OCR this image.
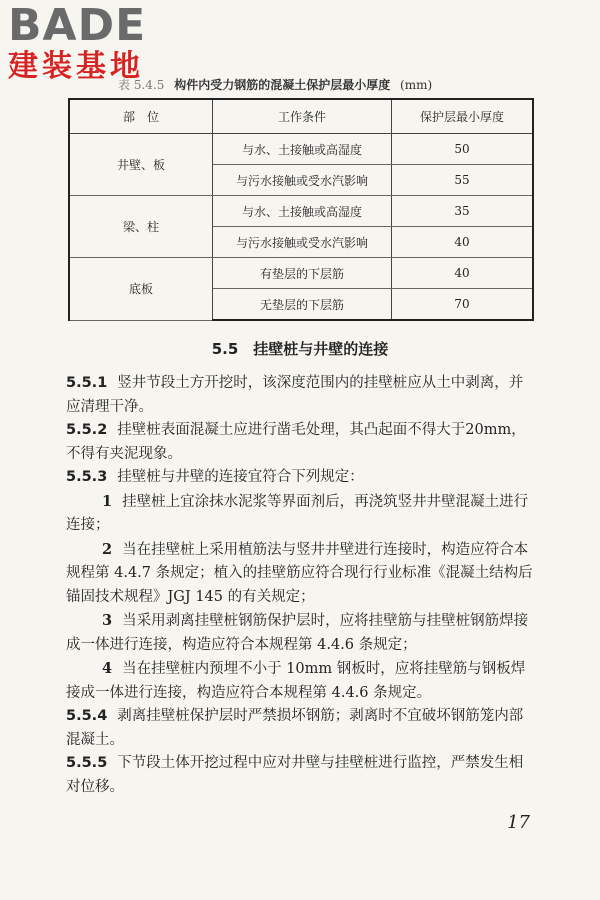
BADE
建装基地
表 5.4.5 构件内受力钢筋的混凝土保护层最小厚度 (mm)
部　位	工作条件	保护层最小厚度
井壁、板	与水、土接触或高湿度	50
	与污水接触或受水汽影响	55
梁、柱	与水、土接触或高湿度	35
	与污水接触或受水汽影响	40
底板	有垫层的下层筋	40
	无垫层的下层筋	70
5.5　挂壁桩与井壁的连接

5.5.1 竖井节段土方开挖时，该深度范围内的挂壁桩应从土中剥离，并应清理干净。

5.5.2 挂壁桩表面混凝土应进行凿毛处理，其凸起面不得大于20mm，不得有夹泥现象。

5.5.3 挂壁桩与井壁的连接宜符合下列规定：

1 挂壁桩上宜涂抹水泥浆等界面剂后，再浇筑竖井井壁混凝土进行连接；

2 当在挂壁桩上采用植筋法与竖井井壁进行连接时，构造应符合本规程第 4.4.7 条规定；植入的挂壁筋应符合现行行业标准《混凝土结构后锚固技术规程》JGJ 145 的有关规定；

3 当采用剥离挂壁桩钢筋保护层时，应将挂壁筋与挂壁桩钢筋焊接成一体进行连接，构造应符合本规程第 4.4.6 条规定；

4 当在挂壁桩内预埋不小于 10mm 钢板时，应将挂壁筋与钢板焊接成一体进行连接，构造应符合本规程第 4.4.6 条规定。

5.5.4 剥离挂壁桩保护层时严禁损坏钢筋；剥离时不宜破坏钢筋笼内部混凝土。

5.5.5 下节段土体开挖过程中应对井壁与挂壁桩进行监控，严禁发生相对位移。

17
